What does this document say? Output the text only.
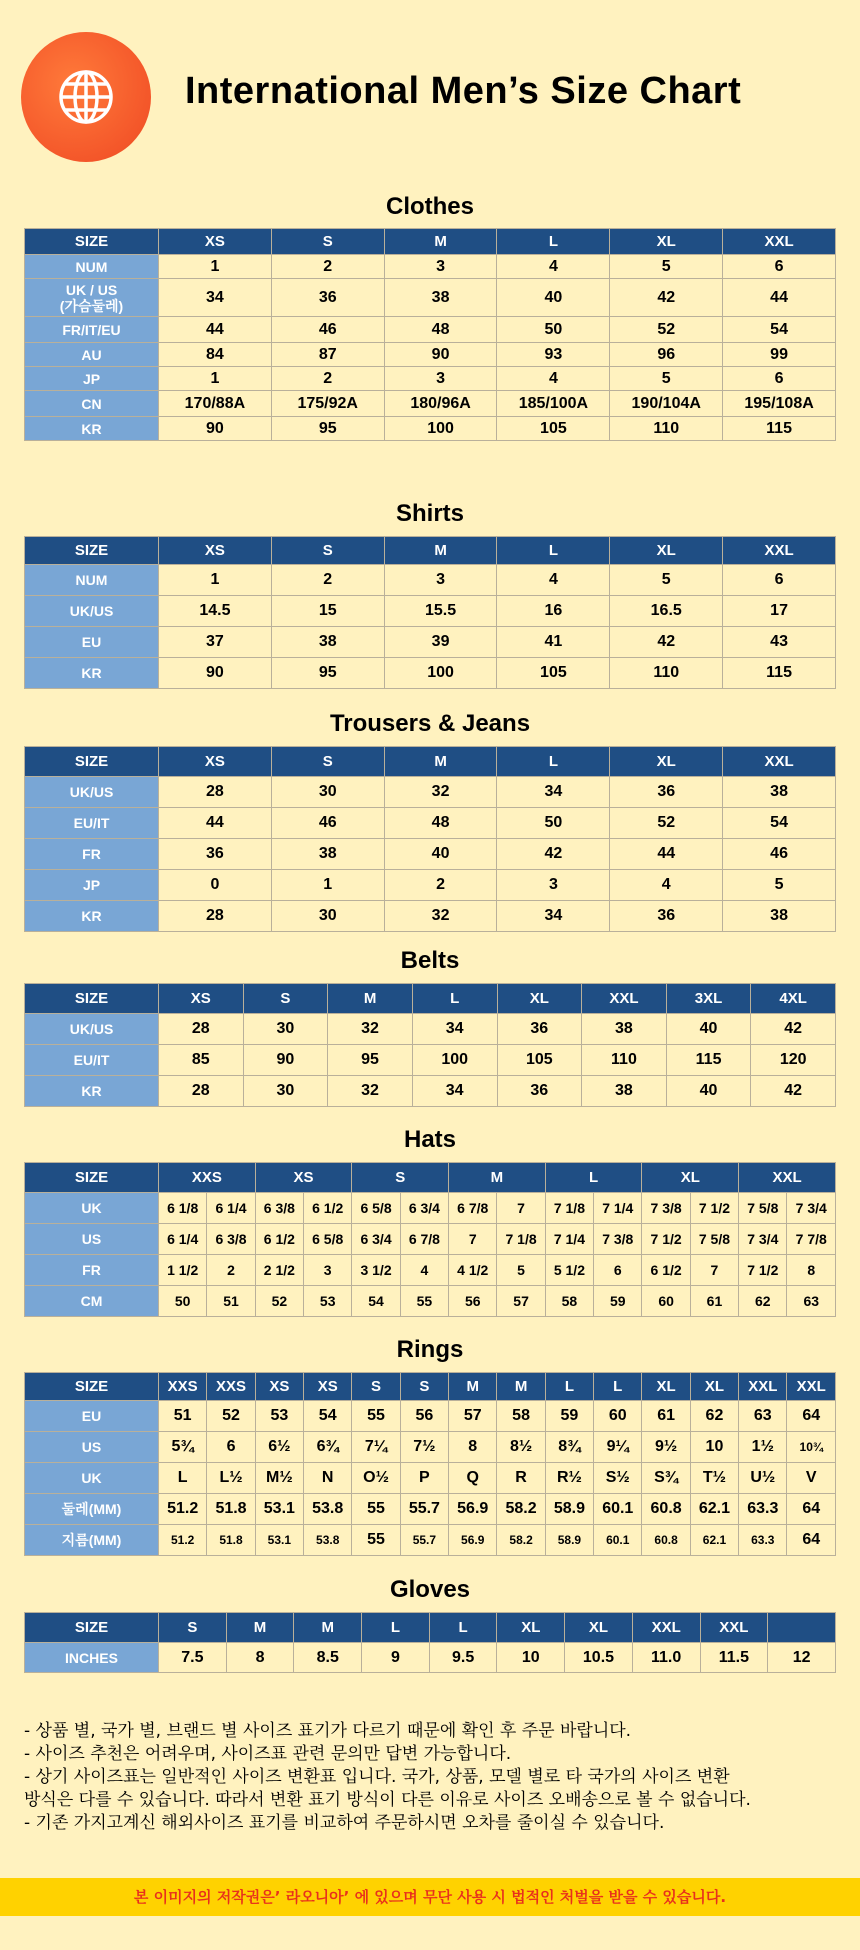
International Men’s Size Chart
Clothes
SIZE	XS	S	M	L	XL	XXL
NUM	1	2	3	4	5	6
UK / US
(가슴둘레)	34	36	38	40	42	44
FR/IT/EU	44	46	48	50	52	54
AU	84	87	90	93	96	99
JP	1	2	3	4	5	6
CN	170/88A	175/92A	180/96A	185/100A	190/104A	195/108A
KR	90	95	100	105	110	115
Shirts
SIZE	XS	S	M	L	XL	XXL
NUM	1	2	3	4	5	6
UK/US	14.5	15	15.5	16	16.5	17
EU	37	38	39	41	42	43
KR	90	95	100	105	110	115
Trousers & Jeans
SIZE	XS	S	M	L	XL	XXL
UK/US	28	30	32	34	36	38
EU/IT	44	46	48	50	52	54
FR	36	38	40	42	44	46
JP	0	1	2	3	4	5
KR	28	30	32	34	36	38
Belts
SIZE	XS	S	M	L	XL	XXL	3XL	4XL
UK/US	28	30	32	34	36	38	40	42
EU/IT	85	90	95	100	105	110	115	120
KR	28	30	32	34	36	38	40	42
Hats
SIZE	XXS		XS		S		M		L		XL		XXL	
UK	6 1/8	6 1/4	6 3/8	6 1/2	6 5/8	6 3/4	6 7/8	7	7 1/8	7 1/4	7 3/8	7 1/2	7 5/8	7 3/4
US	6 1/4	6 3/8	6 1/2	6 5/8	6 3/4	6 7/8	7	7 1/8	7 1/4	7 3/8	7 1/2	7 5/8	7 3/4	7 7/8
FR	1 1/2	2	2 1/2	3	3 1/2	4	4 1/2	5	5 1/2	6	6 1/2	7	7 1/2	8
CM	50	51	52	53	54	55	56	57	58	59	60	61	62	63
Rings
SIZE	XXS	XXS	XS	XS	S	S	M	M	L	L	XL	XL	XXL	XXL
EU	51	52	53	54	55	56	57	58	59	60	61	62	63	64
US	5¾	6	6½	6¾	7¼	7½	8	8½	8¾	9¼	9½	10	1½	10¾
UK	L	L½	M½	N	O½	P	Q	R	R½	S½	S¾	T½	U½	V
둘레(MM)	51.2	51.8	53.1	53.8	55	55.7	56.9	58.2	58.9	60.1	60.8	62.1	63.3	64
지름(MM)	51.2	51.8	53.1	53.8	55	55.7	56.9	58.2	58.9	60.1	60.8	62.1	63.3	64
Gloves
SIZE	S	M	M	L	L	XL	XL	XXL	XXL	
INCHES	7.5	8	8.5	9	9.5	10	10.5	11.0	11.5	12
- 상품 별, 국가 별, 브랜드 별 사이즈 표기가 다르기 때문에 확인 후 주문 바랍니다.
- 사이즈 추천은 어려우며, 사이즈표 관련 문의만 답변 가능합니다.
- 상기 사이즈표는 일반적인 사이즈 변환표 입니다. 국가, 상품, 모델 별로 타 국가의 사이즈 변환
방식은 다를 수 있습니다. 따라서 변환 표기 방식이 다른 이유로 사이즈 오배송으로 볼 수 없습니다.
- 기존 가지고계신 해외사이즈 표기를 비교하여 주문하시면 오차를 줄이실 수 있습니다.
본 이미지의 저작권은’ 라오니아’ 에 있으며 무단 사용 시 법적인 처벌을 받을 수 있습니다.
